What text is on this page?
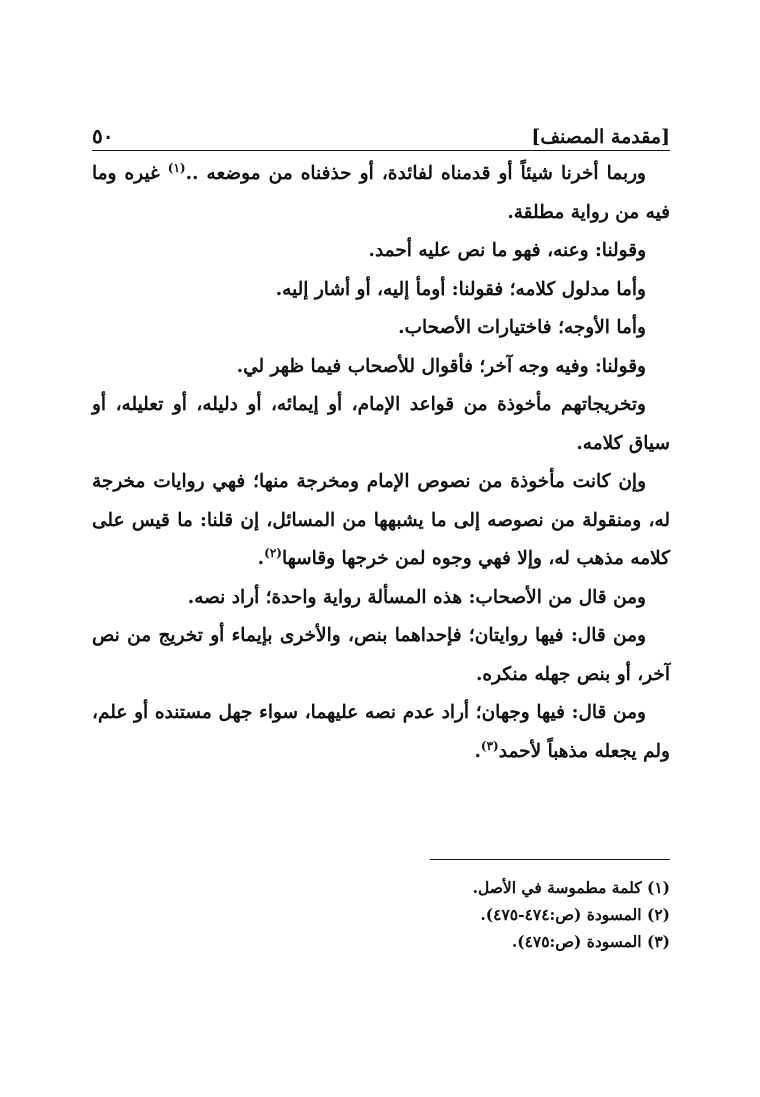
[مقدمة المصنف]
٥٠

وربما أخرنا شيئاً أو قدمناه لفائدة، أو حذفناه من موضعه ..$^{(١)}$ غيره وما فيه من رواية مطلقة.

وقولنا: وعنه، فهو ما نص عليه أحمد.

وأما مدلول كلامه؛ فقولنا: أومأ إليه، أو أشار إليه.

وأما الأوجه؛ فاختيارات الأصحاب.

وقولنا: وفيه وجه آخر؛ فأقوال للأصحاب فيما ظهر لي.

وتخريجاتهم مأخوذة من قواعد الإمام، أو إيمائه، أو دليله، أو تعليله، أو سياق كلامه.

وإن كانت مأخوذة من نصوص الإمام ومخرجة منها؛ فهي روايات مخرجة له، ومنقولة من نصوصه إلى ما يشبهها من المسائل، إن قلنا: ما قيس على كلامه مذهب له، وإلا فهي وجوه لمن خرجها وقاسها$^{(٢)}$.

ومن قال من الأصحاب: هذه المسألة رواية واحدة؛ أراد نصه.

ومن قال: فيها روايتان؛ فإحداهما بنص، والأخرى بإيماء أو تخريج من نص آخر، أو بنص جهله منكره.

ومن قال: فيها وجهان؛ أراد عدم نصه عليهما، سواء جهل مستنده أو علم، ولم يجعله مذهباً لأحمد$^{(٣)}$.

(١) كلمة مطموسة في الأصل.

(٢) المسودة (ص:٤٧٤-٤٧٥).

(٣) المسودة (ص:٤٧٥).
